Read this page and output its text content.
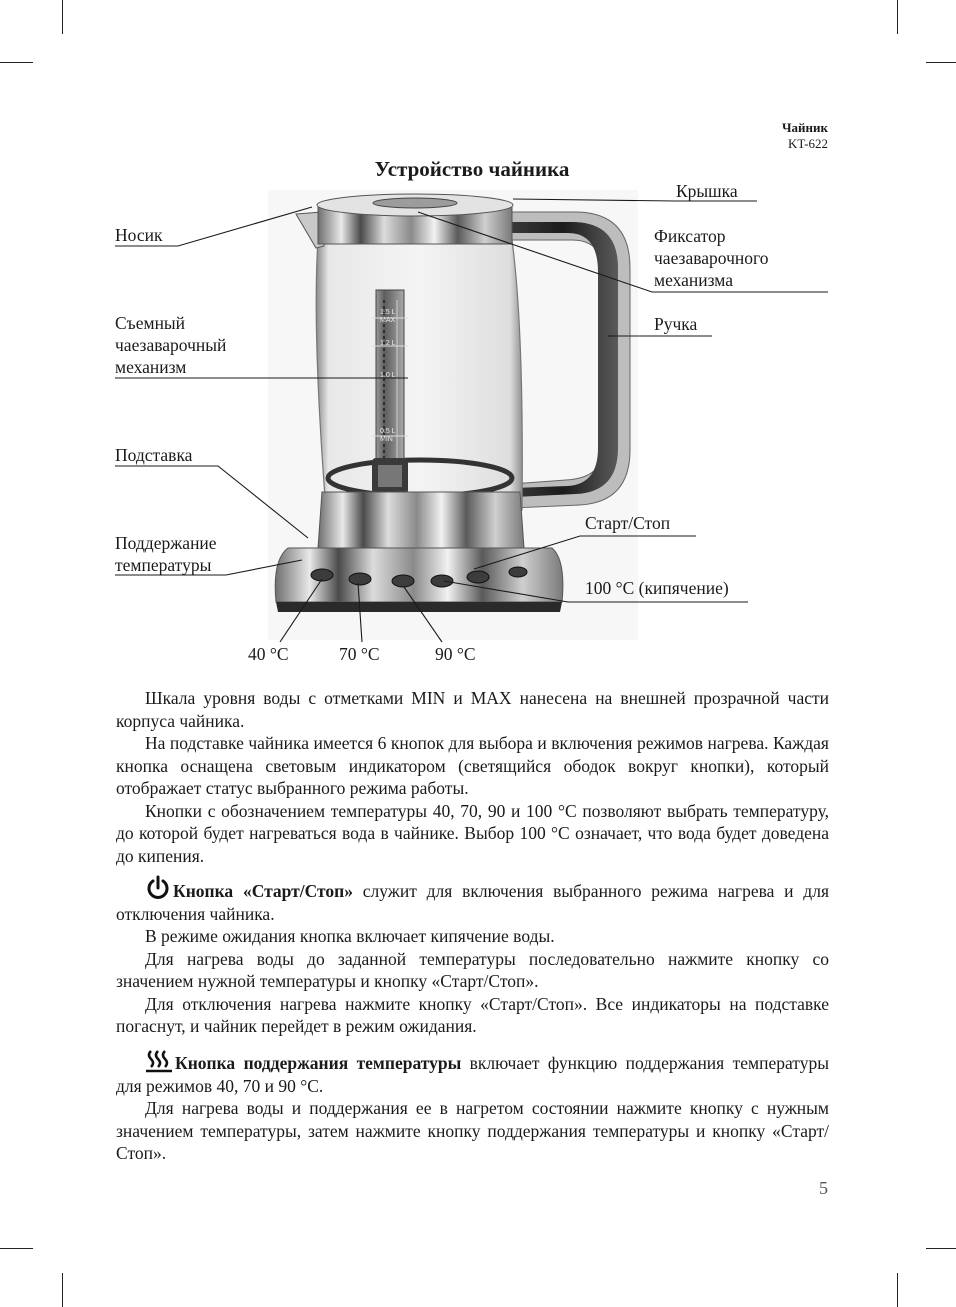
Чайник
KT-622
Устройство чайника
Крышка
Носик	Фиксатор
чаезаварочного
механизма
Съемный
чаезаварочный
механизм
Ручка
Подставка
Поддержание
температуры
Старт/Стоп
100 °С (кипячение)
40 °С	70 °С	90 °С
1.5 L MAX
1.2 L
1.0 L
0.5 L MIN

Шкала уровня воды с отметками MIN и MAX нанесена на внешней прозрачной части корпуса чайника.

На подставке чайника имеется 6 кнопок для выбора и включения режимов нагрева. Каждая кнопка оснащена световым индикатором (светящийся ободок вокруг кнопки), который отображает статус выбранного режима работы.

Кнопки с обозначением температуры 40, 70, 90 и 100 °С позволяют выбрать температуру, до которой будет нагреваться вода в чайнике. Выбор 100 °С означает, что вода будет доведена до кипения.

Кнопка «Старт/Стоп» служит для включения выбранного режима нагрева и для отключения чайника.

В режиме ожидания кнопка включает кипячение воды.

Для нагрева воды до заданной температуры последовательно нажмите кнопку со значением нужной температуры и кнопку «Старт/Стоп».

Для отключения нагрева нажмите кнопку «Старт/Стоп». Все индикаторы на подставке погаснут, и чайник перейдет в режим ожидания.

Кнопка поддержания температуры включает функцию поддержания температуры для режимов 40, 70 и 90 °С.

Для нагрева воды и поддержания ее в нагретом состоянии нажмите кнопку с нужным значением температуры, затем нажмите кнопку поддержания температуры и кнопку «Старт/Стоп».

5
